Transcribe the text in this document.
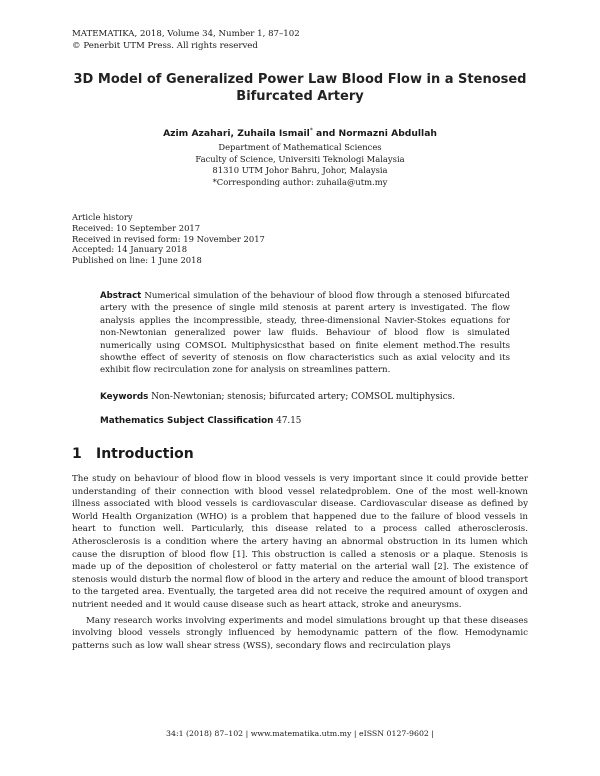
MATEMATIKA, 2018, Volume 34, Number 1, 87–102
© Penerbit UTM Press. All rights reserved
3D Model of Generalized Power Law Blood Flow in a Stenosed
Bifurcated Artery
Azim Azahari, Zuhaila Ismail* and Normazni Abdullah
Department of Mathematical Sciences
Faculty of Science, Universiti Teknologi Malaysia
81310 UTM Johor Bahru, Johor, Malaysia
*Corresponding author: zuhaila@utm.my
Article history
Received: 10 September 2017
Received in revised form: 19 November 2017
Accepted: 14 January 2018
Published on line: 1 June 2018
Abstract Numerical simulation of the behaviour of blood flow through a stenosed bifurcated artery with the presence of single mild stenosis at parent artery is investigated. The flow analysis applies the incompressible, steady, three-dimensional Navier-Stokes equations for non-Newtonian generalized power law fluids. Behaviour of blood flow is simulated numerically using COMSOL Multiphysicsthat based on finite element method.The results showthe effect of severity of stenosis on flow characteristics such as axial velocity and its exhibit flow recirculation zone for analysis on streamlines pattern.
Keywords Non-Newtonian; stenosis; bifurcated artery; COMSOL multiphysics.
Mathematics Subject Classification 47.15
1 Introduction

The study on behaviour of blood flow in blood vessels is very important since it could provide better understanding of their connection with blood vessel relatedproblem. One of the most well-known illness associated with blood vessels is cardiovascular disease. Cardiovascular disease as defined by World Health Organization (WHO) is a problem that happened due to the failure of blood vessels in heart to function well. Particularly, this disease related to a process called atherosclerosis. Atherosclerosis is a condition where the artery having an abnormal obstruction in its lumen which cause the disruption of blood flow [1]. This obstruction is called a stenosis or a plaque. Stenosis is made up of the deposition of cholesterol or fatty material on the arterial wall [2]. The existence of stenosis would disturb the normal flow of blood in the artery and reduce the amount of blood transport to the targeted area. Eventually, the targeted area did not receive the required amount of oxygen and nutrient needed and it would cause disease such as heart attack, stroke and aneurysms.

Many research works involving experiments and model simulations brought up that these diseases involving blood vessels strongly influenced by hemodynamic pattern of the flow. Hemodynamic patterns such as low wall shear stress (WSS), secondary flows and recirculation plays

34:1 (2018) 87–102 | www.matematika.utm.my | eISSN 0127-9602 |
